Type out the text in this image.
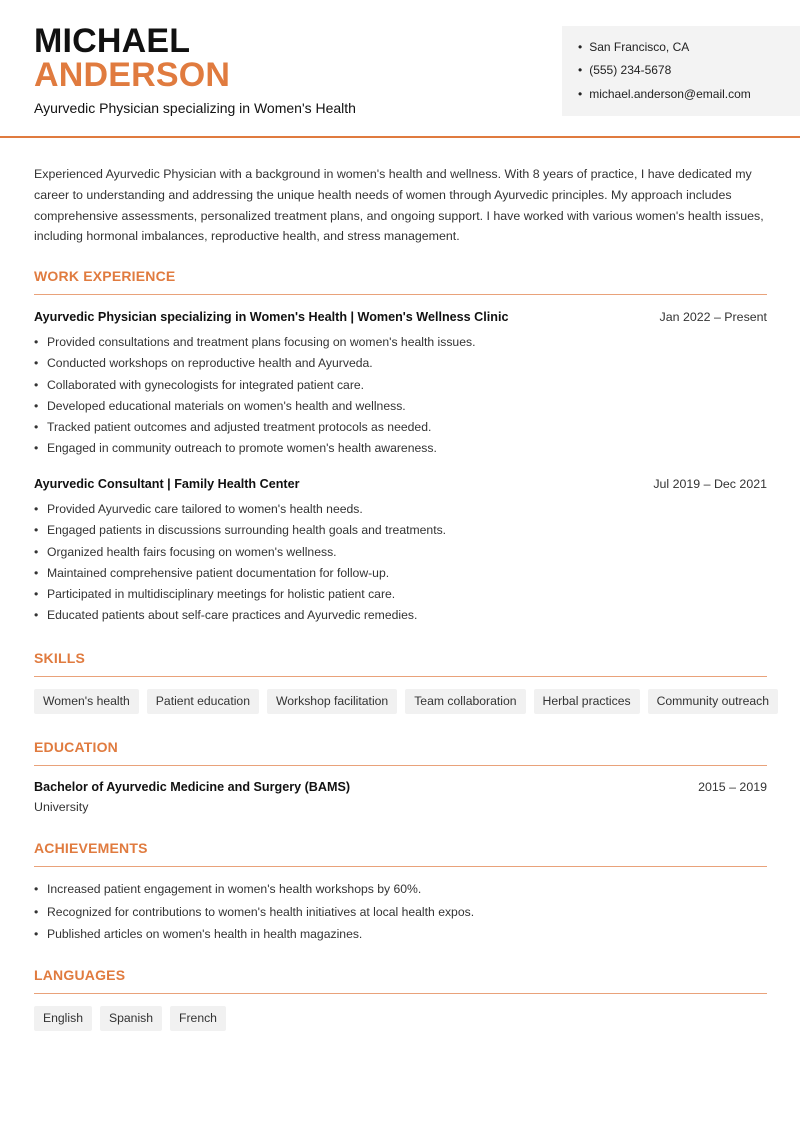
MICHAEL
ANDERSON
Ayurvedic Physician specializing in Women's Health
• San Francisco, CA
• (555) 234-5678
• michael.anderson@email.com
Experienced Ayurvedic Physician with a background in women's health and wellness. With 8 years of practice, I have dedicated my career to understanding and addressing the unique health needs of women through Ayurvedic principles. My approach includes comprehensive assessments, personalized treatment plans, and ongoing support. I have worked with various women's health issues, including hormonal imbalances, reproductive health, and stress management.
WORK EXPERIENCE
Ayurvedic Physician specializing in Women's Health | Women's Wellness Clinic	Jan 2022 – Present
• Provided consultations and treatment plans focusing on women's health issues.
• Conducted workshops on reproductive health and Ayurveda.
• Collaborated with gynecologists for integrated patient care.
• Developed educational materials on women's health and wellness.
• Tracked patient outcomes and adjusted treatment protocols as needed.
• Engaged in community outreach to promote women's health awareness.
Ayurvedic Consultant | Family Health Center	Jul 2019 – Dec 2021
• Provided Ayurvedic care tailored to women's health needs.
• Engaged patients in discussions surrounding health goals and treatments.
• Organized health fairs focusing on women's wellness.
• Maintained comprehensive patient documentation for follow-up.
• Participated in multidisciplinary meetings for holistic patient care.
• Educated patients about self-care practices and Ayurvedic remedies.
SKILLS
Women's health	Patient education	Workshop facilitation	Team collaboration	Herbal practices	Community outreach
EDUCATION
Bachelor of Ayurvedic Medicine and Surgery (BAMS)	2015 – 2019
University
ACHIEVEMENTS
• Increased patient engagement in women's health workshops by 60%.
• Recognized for contributions to women's health initiatives at local health expos.
• Published articles on women's health in health magazines.
LANGUAGES
English	Spanish	French
